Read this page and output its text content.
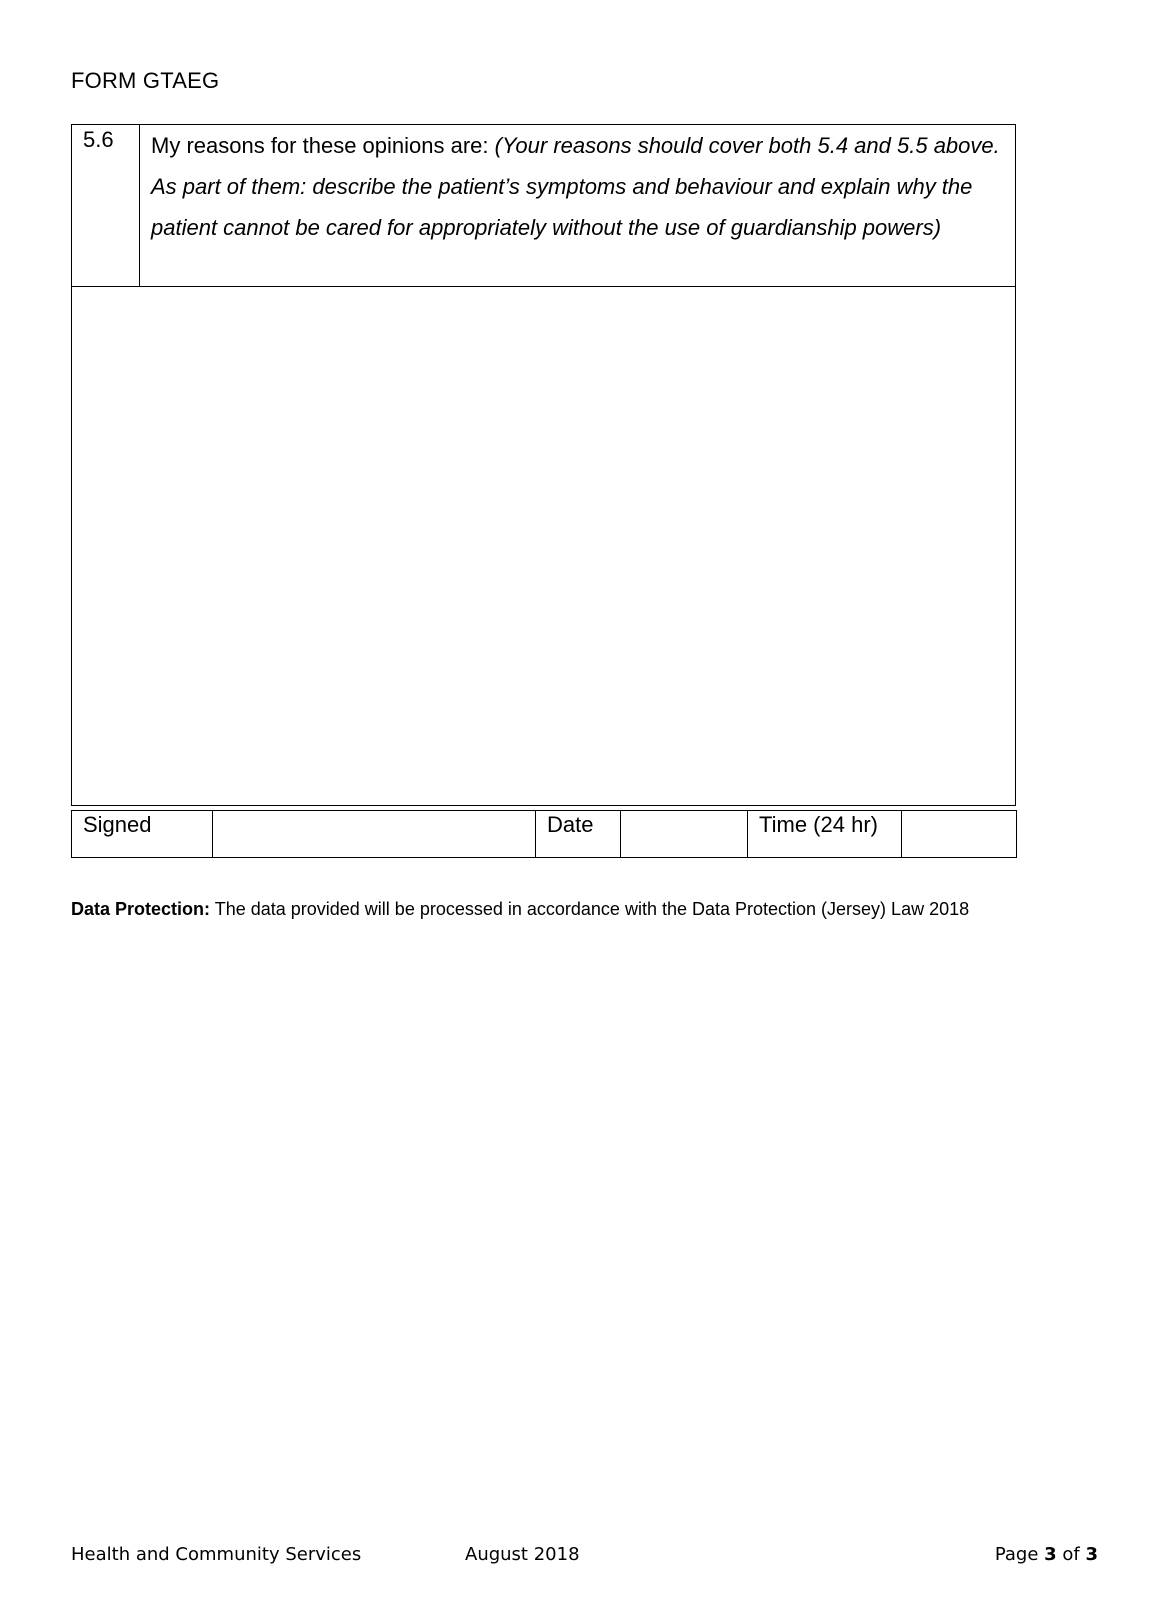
FORM GTAEG
5.6	My reasons for these opinions are: (Your reasons should cover both 5.4 and 5.5 above. As part of them: describe the patient’s symptoms and behaviour and explain why the patient cannot be cared for appropriately without the use of guardianship powers)

Signed		Date		Time (24 hr)	
Data Protection: The data provided will be processed in accordance with the Data Protection (Jersey) Law 2018
Health and Community Services	August 2018	Page 3 of 3
